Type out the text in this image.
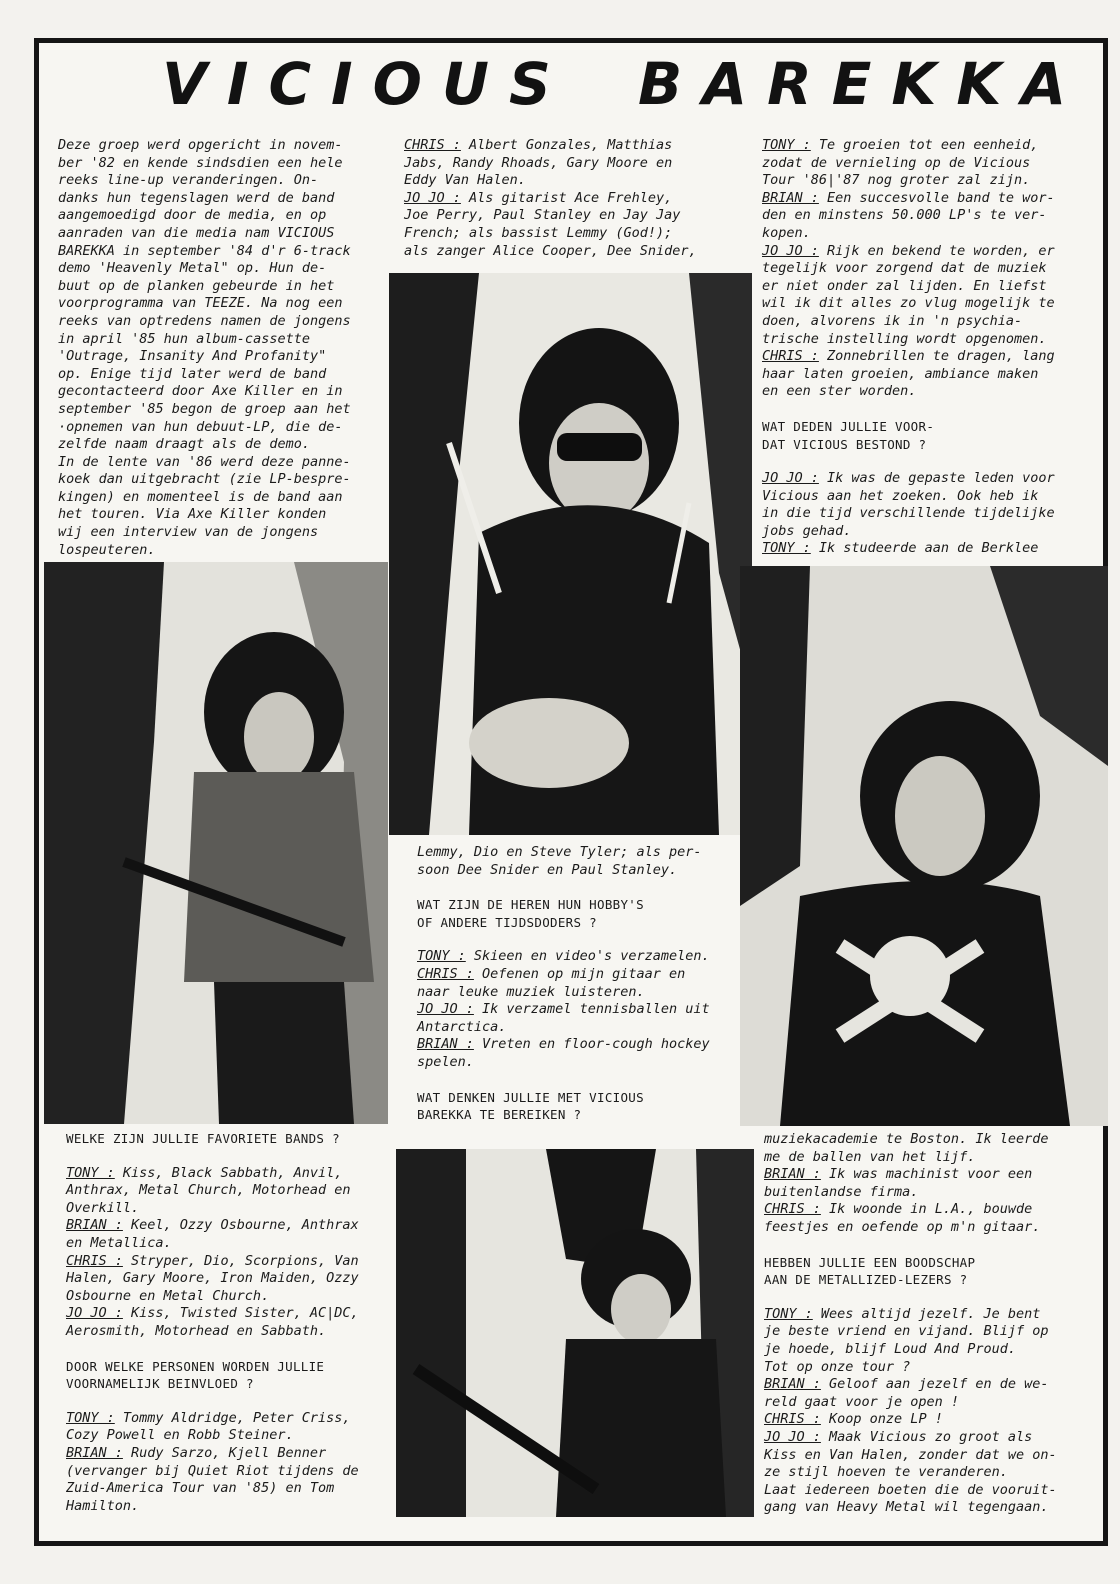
VICIOUS BAREKKA

Deze groep werd opgericht in novem-

ber '82 en kende sindsdien een hele

reeks line-up veranderingen. On-

danks hun tegenslagen werd de band

aangemoedigd door de media, en op

aanraden van die media nam VICIOUS

BAREKKA in september '84 d'r 6-track

demo 'Heavenly Metal" op. Hun de-

buut op de planken gebeurde in het

voorprogramma van TEEZE. Na nog een

reeks van optredens namen de jongens

in april '85 hun album-cassette

'Outrage, Insanity And Profanity"

op. Enige tijd later werd de band

gecontacteerd door Axe Killer en in

september '85 begon de groep aan het

·opnemen van hun debuut-LP, die de-

zelfde naam draagt als de demo.

In de lente van '86 werd deze panne-

koek dan uitgebracht (zie LP-bespre-

kingen) en momenteel is de band aan

het touren. Via Axe Killer konden

wij een interview van de jongens

lospeuteren.

CHRIS : Albert Gonzales, Matthias

Jabs, Randy Rhoads, Gary Moore en

Eddy Van Halen.

JO JO : Als gitarist Ace Frehley,

Joe Perry, Paul Stanley en Jay Jay

French; als bassist Lemmy (God!);

als zanger Alice Cooper, Dee Snider,

TONY : Te groeien tot een eenheid,

zodat de vernieling op de Vicious

Tour '86|'87 nog groter zal zijn.

BRIAN : Een succesvolle band te wor-

den en minstens 50.000 LP's te ver-

kopen.

JO JO : Rijk en bekend te worden, er

tegelijk voor zorgend dat de muziek

er niet onder zal lijden. En liefst

wil ik dit alles zo vlug mogelijk te

doen, alvorens ik in 'n psychia-

trische instelling wordt opgenomen.

CHRIS : Zonnebrillen te dragen, lang

haar laten groeien, ambiance maken

en een ster worden.

WAT DEDEN JULLIE VOOR-

DAT VICIOUS BESTOND ?

JO JO : Ik was de gepaste leden voor

Vicious aan het zoeken. Ook heb ik

in die tijd verschillende tijdelijke

jobs gehad.

TONY : Ik studeerde aan de Berklee

Lemmy, Dio en Steve Tyler; als per-

soon Dee Snider en Paul Stanley.

WAT ZIJN DE HEREN HUN HOBBY'S

OF ANDERE TIJDSDODERS ?

TONY : Skieen en video's verzamelen.

CHRIS : Oefenen op mijn gitaar en

naar leuke muziek luisteren.

JO JO : Ik verzamel tennisballen uit

Antarctica.

BRIAN : Vreten en floor-cough hockey

spelen.

WAT DENKEN JULLIE MET VICIOUS

BAREKKA TE BEREIKEN ?

WELKE ZIJN JULLIE FAVORIETE BANDS ?

TONY : Kiss, Black Sabbath, Anvil,

Anthrax, Metal Church, Motorhead en

Overkill.

BRIAN : Keel, Ozzy Osbourne, Anthrax

en Metallica.

CHRIS : Stryper, Dio, Scorpions, Van

Halen, Gary Moore, Iron Maiden, Ozzy

Osbourne en Metal Church.

JO JO : Kiss, Twisted Sister, AC|DC,

Aerosmith, Motorhead en Sabbath.

DOOR WELKE PERSONEN WORDEN JULLIE

VOORNAMELIJK BEINVLOED ?

TONY : Tommy Aldridge, Peter Criss,

Cozy Powell en Robb Steiner.

BRIAN : Rudy Sarzo, Kjell Benner

(vervanger bij Quiet Riot tijdens de

Zuid-America Tour van '85) en Tom

Hamilton.

muziekacademie te Boston. Ik leerde

me de ballen van het lijf.

BRIAN : Ik was machinist voor een

buitenlandse firma.

CHRIS : Ik woonde in L.A., bouwde

feestjes en oefende op m'n gitaar.

HEBBEN JULLIE EEN BOODSCHAP

AAN DE METALLIZED-LEZERS ?

TONY : Wees altijd jezelf. Je bent

je beste vriend en vijand. Blijf op

je hoede, blijf Loud And Proud.

Tot op onze tour ?

BRIAN : Geloof aan jezelf en de we-

reld gaat voor je open !

CHRIS : Koop onze LP !

JO JO : Maak Vicious zo groot als

Kiss en Van Halen, zonder dat we on-

ze stijl hoeven te veranderen.

Laat iedereen boeten die de vooruit-

gang van Heavy Metal wil tegengaan.
